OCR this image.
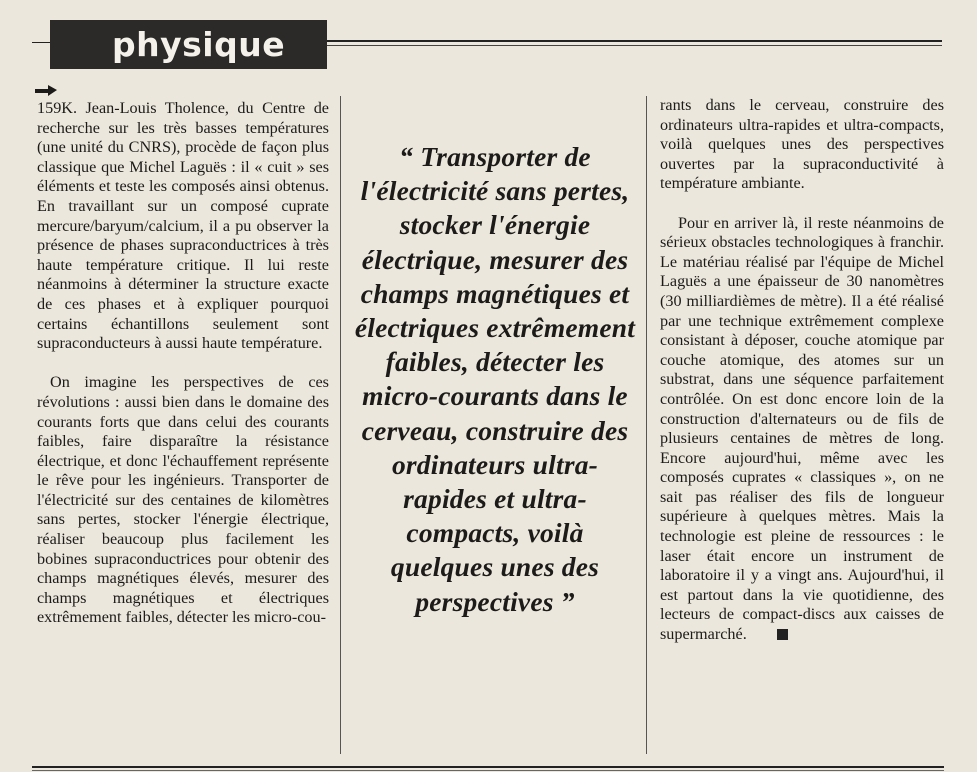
physique

159K. Jean-Louis Tholence, du Centre de recherche sur les très basses températures (une unité du CNRS), procède de façon plus classique que Michel Laguës : il « cuit » ses éléments et teste les composés ainsi obtenus. En travaillant sur un composé cuprate mercure/baryum/calcium, il a pu observer la présence de phases supraconductrices à très haute température critique. Il lui reste néanmoins à déterminer la structure exacte de ces phases et à expliquer pourquoi certains échantillons seulement sont supraconducteurs à aussi haute température.

On imagine les perspectives de ces révolutions : aussi bien dans le domaine des courants forts que dans celui des courants faibles, faire disparaître la résistance électrique, et donc l'échauffement représente le rêve pour les ingénieurs. Transporter de l'électricité sur des centaines de kilomètres sans pertes, stocker l'énergie électrique, réaliser beaucoup plus facilement les bobines supraconductrices pour obtenir des champs magnétiques élevés, mesurer des champs magnétiques et électriques extrêmement faibles, détecter les micro-cou-

“ Transporter de l'électricité sans pertes, stocker l'énergie électrique, mesurer des champs magnétiques et électriques extrêmement faibles, détecter les micro-courants dans le cerveau, construire des ordinateurs ultra-rapides et ultra-compacts, voilà quelques unes des perspectives ”

rants dans le cerveau, construire des ordinateurs ultra-rapides et ultra-compacts, voilà quelques unes des perspectives ouvertes par la supraconductivité à température ambiante.

Pour en arriver là, il reste néanmoins de sérieux obstacles technologiques à franchir. Le matériau réalisé par l'équipe de Michel Laguës a une épaisseur de 30 nanomètres (30 milliardièmes de mètre). Il a été réalisé par une technique extrêmement complexe consistant à déposer, couche atomique par couche atomique, des atomes sur un substrat, dans une séquence parfaitement contrôlée. On est donc encore loin de la construction d'alternateurs ou de fils de plusieurs centaines de mètres de long. Encore aujourd'hui, même avec les composés cuprates « classiques », on ne sait pas réaliser des fils de longueur supérieure à quelques mètres. Mais la technologie est pleine de ressources : le laser était encore un instrument de laboratoire il y a vingt ans. Aujourd'hui, il est partout dans la vie quotidienne, des lecteurs de compact-discs aux caisses de supermarché.
